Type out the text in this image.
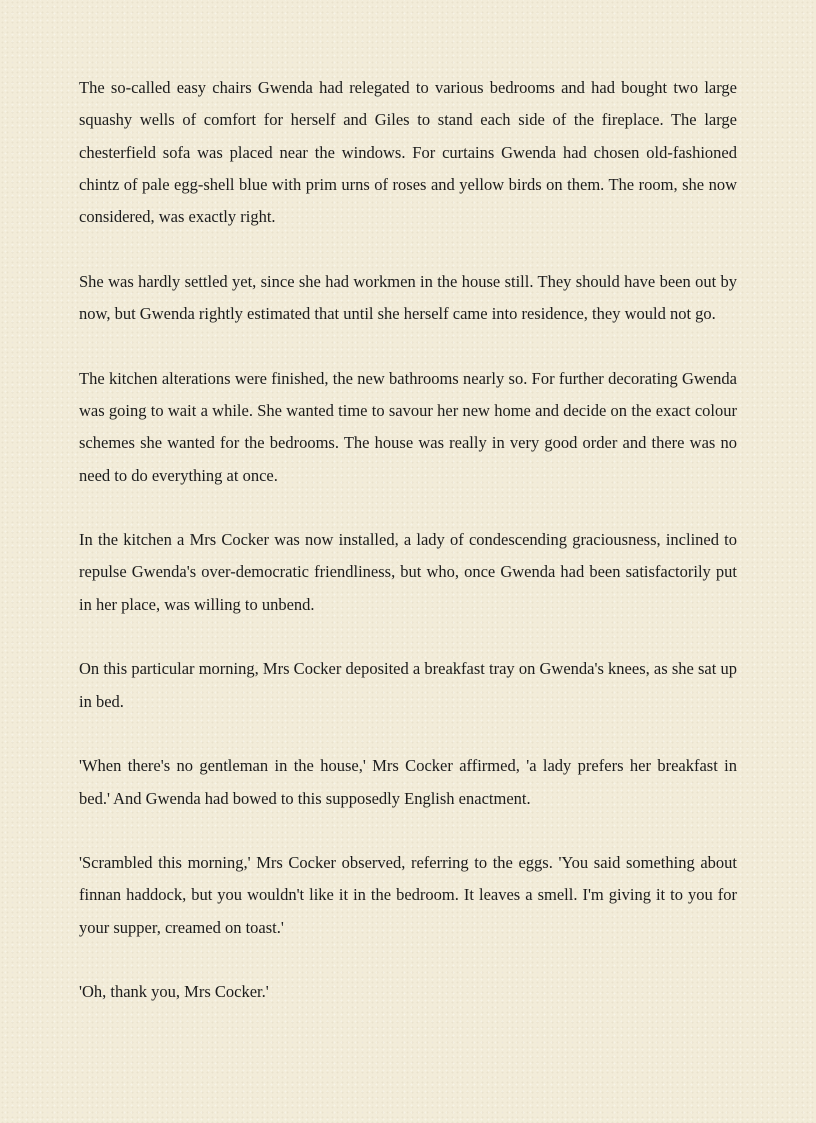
The so-called easy chairs Gwenda had relegated to various bedrooms and had bought two large squashy wells of comfort for herself and Giles to stand each side of the fireplace. The large chesterfield sofa was placed near the windows. For curtains Gwenda had chosen old-fashioned chintz of pale egg-shell blue with prim urns of roses and yellow birds on them. The room, she now considered, was exactly right.

She was hardly settled yet, since she had workmen in the house still. They should have been out by now, but Gwenda rightly estimated that until she herself came into residence, they would not go.

The kitchen alterations were finished, the new bathrooms nearly so. For further decorating Gwenda was going to wait a while. She wanted time to savour her new home and decide on the exact colour schemes she wanted for the bedrooms. The house was really in very good order and there was no need to do everything at once.

In the kitchen a Mrs Cocker was now installed, a lady of condescending graciousness, inclined to repulse Gwenda's over-democratic friendliness, but who, once Gwenda had been satisfactorily put in her place, was willing to unbend.

On this particular morning, Mrs Cocker deposited a breakfast tray on Gwenda's knees, as she sat up in bed.

'When there's no gentleman in the house,' Mrs Cocker affirmed, 'a lady prefers her breakfast in bed.' And Gwenda had bowed to this supposedly English enactment.

'Scrambled this morning,' Mrs Cocker observed, referring to the eggs. 'You said something about finnan haddock, but you wouldn't like it in the bedroom. It leaves a smell. I'm giving it to you for your supper, creamed on toast.'

'Oh, thank you, Mrs Cocker.'
